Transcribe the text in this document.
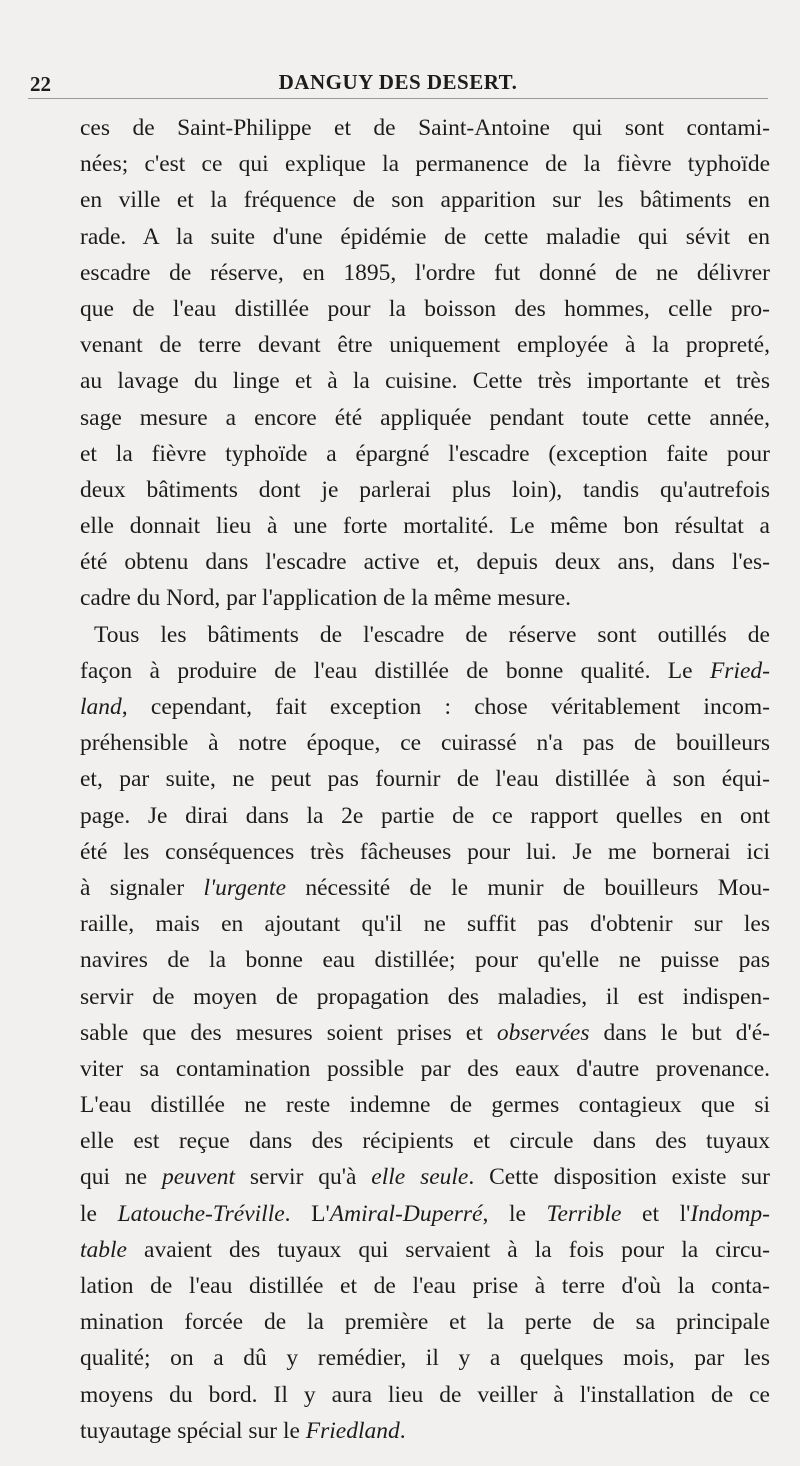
22	DANGUY DES DESERT.
ces de Saint-Philippe et de Saint-Antoine qui sont contami-
nées; c'est ce qui explique la permanence de la fièvre typhoïde
en ville et la fréquence de son apparition sur les bâtiments en
rade. A la suite d'une épidémie de cette maladie qui sévit en
escadre de réserve, en 1895, l'ordre fut donné de ne délivrer
que de l'eau distillée pour la boisson des hommes, celle pro-
venant de terre devant être uniquement employée à la propreté,
au lavage du linge et à la cuisine. Cette très importante et très
sage mesure a encore été appliquée pendant toute cette année,
et la fièvre typhoïde a épargné l'escadre (exception faite pour
deux bâtiments dont je parlerai plus loin), tandis qu'autrefois
elle donnait lieu à une forte mortalité. Le même bon résultat a
été obtenu dans l'escadre active et, depuis deux ans, dans l'es-
cadre du Nord, par l'application de la même mesure.
Tous les bâtiments de l'escadre de réserve sont outillés de
façon à produire de l'eau distillée de bonne qualité. Le Fried-
land, cependant, fait exception : chose véritablement incom-
préhensible à notre époque, ce cuirassé n'a pas de bouilleurs
et, par suite, ne peut pas fournir de l'eau distillée à son équi-
page. Je dirai dans la 2e partie de ce rapport quelles en ont
été les conséquences très fâcheuses pour lui. Je me bornerai ici
à signaler l'urgente nécessité de le munir de bouilleurs Mou-
raille, mais en ajoutant qu'il ne suffit pas d'obtenir sur les
navires de la bonne eau distillée; pour qu'elle ne puisse pas
servir de moyen de propagation des maladies, il est indispen-
sable que des mesures soient prises et observées dans le but d'é-
viter sa contamination possible par des eaux d'autre provenance.
L'eau distillée ne reste indemne de germes contagieux que si
elle est reçue dans des récipients et circule dans des tuyaux
qui ne peuvent servir qu'à elle seule. Cette disposition existe sur
le Latouche-Tréville. L'Amiral-Duperré, le Terrible et l'Indomp-
table avaient des tuyaux qui servaient à la fois pour la circu-
lation de l'eau distillée et de l'eau prise à terre d'où la conta-
mination forcée de la première et la perte de sa principale
qualité; on a dû y remédier, il y a quelques mois, par les
moyens du bord. Il y aura lieu de veiller à l'installation de ce
tuyautage spécial sur le Friedland.
